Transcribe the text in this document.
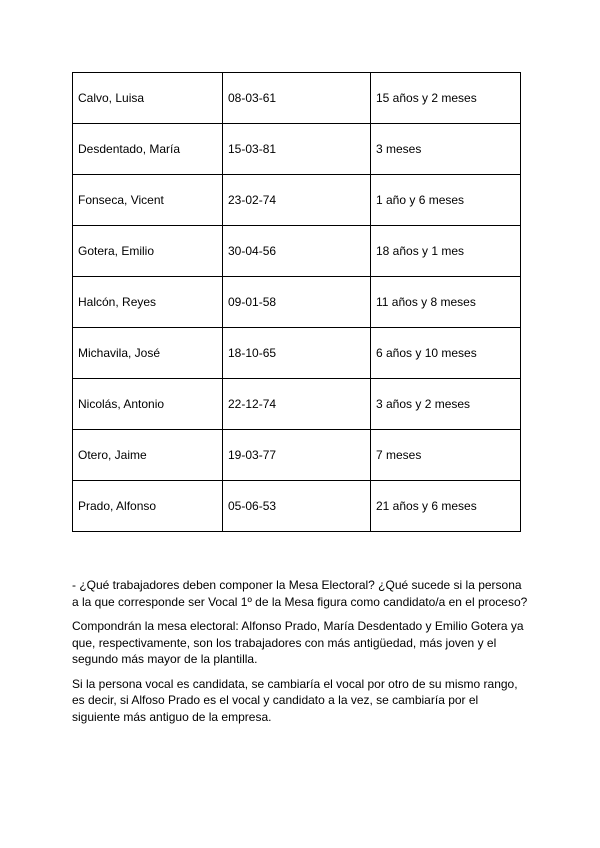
Calvo, Luisa	08-03-61	15 años y 2 meses
Desdentado, María	15-03-81	3 meses
Fonseca, Vicent	23-02-74	1 año y 6 meses
Gotera, Emilio	30-04-56	18 años y 1 mes
Halcón, Reyes	09-01-58	11 años y 8 meses
Michavila, José	18-10-65	6 años y 10 meses
Nicolás, Antonio	22-12-74	3 años y 2 meses
Otero, Jaime	19-03-77	7 meses
Prado, Alfonso	05-06-53	21 años y 6 meses

- ¿Qué trabajadores deben componer la Mesa Electoral? ¿Qué sucede si la persona a la que corresponde ser Vocal 1º de la Mesa figura como candidato/a en el proceso?

Compondrán la mesa electoral: Alfonso Prado, María Desdentado y Emilio Gotera ya que, respectivamente, son los trabajadores con más antigüedad, más joven y el segundo más mayor de la plantilla.

Si la persona vocal es candidata, se cambiaría el vocal por otro de su mismo rango, es decir, si Alfoso Prado es el vocal y candidato a la vez, se cambiaría por el siguiente más antiguo de la empresa.
